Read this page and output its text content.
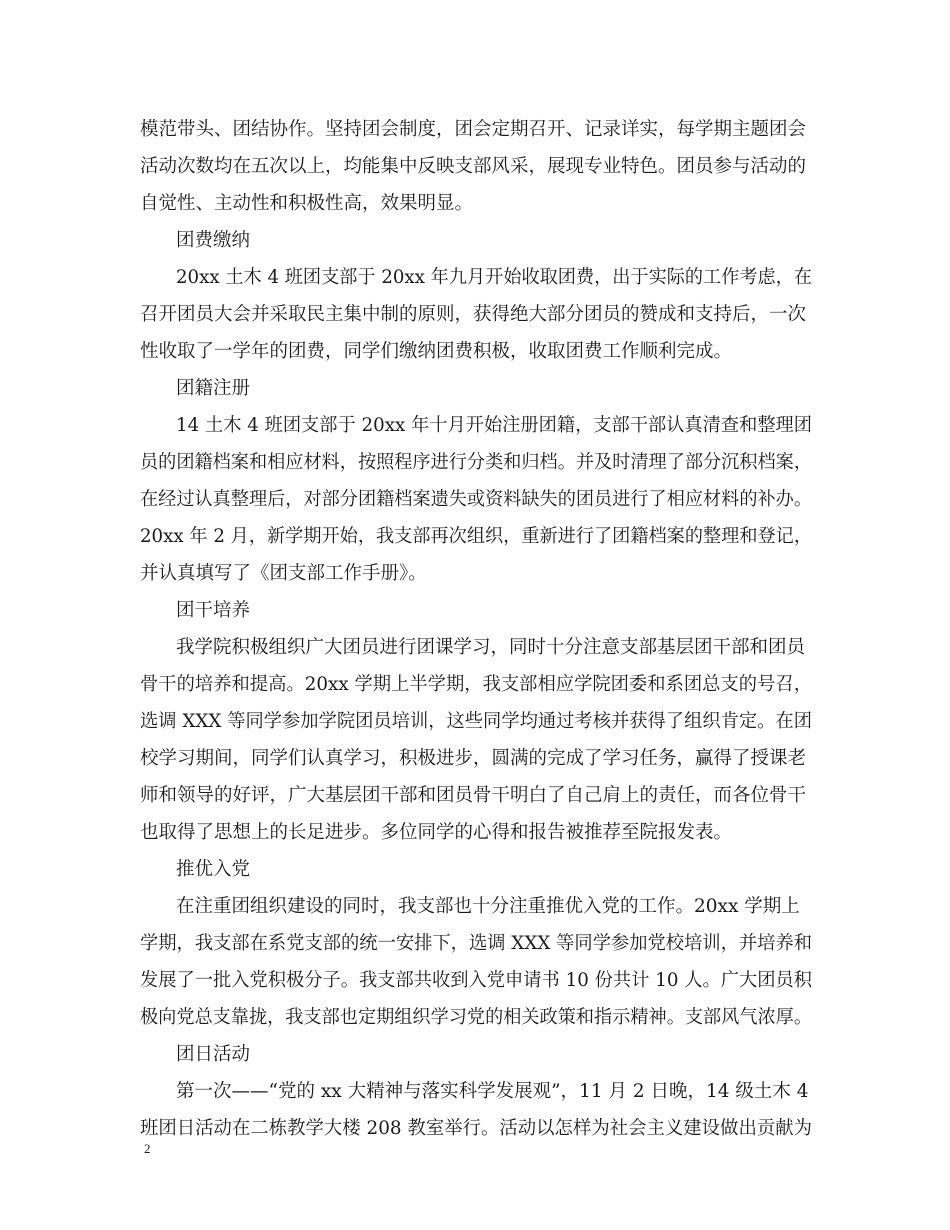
模范带头、团结协作。坚持团会制度，团会定期召开、记录详实，每学期主题团会
活动次数均在五次以上，均能集中反映支部风采，展现专业特色。团员参与活动的
自觉性、主动性和积极性高，效果明显。
团费缴纳
20xx 土木 4 班团支部于 20xx 年九月开始收取团费，出于实际的工作考虑，在
召开团员大会并采取民主集中制的原则，获得绝大部分团员的赞成和支持后，一次
性收取了一学年的团费，同学们缴纳团费积极，收取团费工作顺利完成。
团籍注册
14 土木 4 班团支部于 20xx 年十月开始注册团籍，支部干部认真清查和整理团
员的团籍档案和相应材料，按照程序进行分类和归档。并及时清理了部分沉积档案，
在经过认真整理后，对部分团籍档案遗失或资料缺失的团员进行了相应材料的补办。
20xx 年 2 月，新学期开始，我支部再次组织，重新进行了团籍档案的整理和登记，
并认真填写了《团支部工作手册》。
团干培养
我学院积极组织广大团员进行团课学习，同时十分注意支部基层团干部和团员
骨干的培养和提高。20xx 学期上半学期，我支部相应学院团委和系团总支的号召，
选调 XXX 等同学参加学院团员培训，这些同学均通过考核并获得了组织肯定。在团
校学习期间，同学们认真学习，积极进步，圆满的完成了学习任务，赢得了授课老
师和领导的好评，广大基层团干部和团员骨干明白了自己肩上的责任，而各位骨干
也取得了思想上的长足进步。多位同学的心得和报告被推荐至院报发表。
推优入党
在注重团组织建设的同时，我支部也十分注重推优入党的工作。20xx 学期上
学期，我支部在系党支部的统一安排下，选调 XXX 等同学参加党校培训，并培养和
发展了一批入党积极分子。我支部共收到入党申请书 10 份共计 10 人。广大团员积
极向党总支靠拢，我支部也定期组织学习党的相关政策和指示精神。支部风气浓厚。
团日活动
第一次——“党的 xx 大精神与落实科学发展观”，11 月 2 日晚，14 级土木 4
班团日活动在二栋教学大楼 208 教室举行。活动以怎样为社会主义建设做出贡献为
2
